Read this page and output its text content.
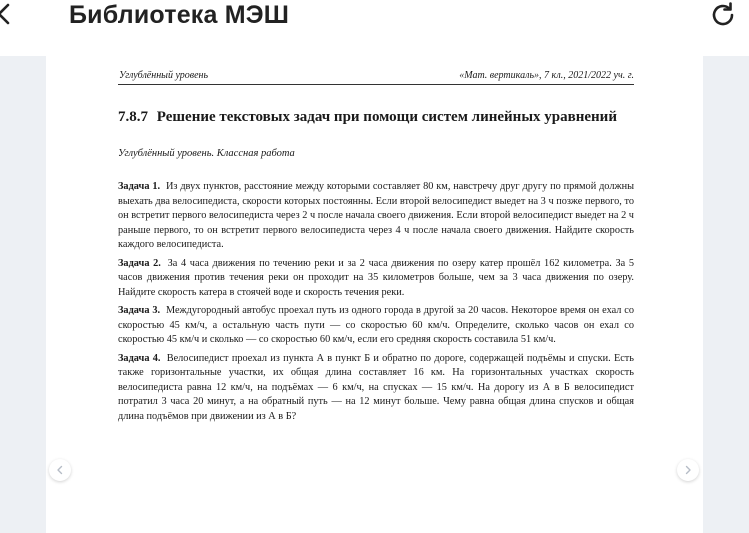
Библиотека МЭШ
Углублённый уровень	«Мат. вертикаль», 7 кл., 2021/2022 уч. г.
7.8.7 Решение текстовых задач при помощи систем линейных уравнений
Углублённый уровень. Классная работа

Задача 1. Из двух пунктов, расстояние между которыми составляет 80 км, навстречу друг другу по прямой должны выехать два велосипедиста, скорости которых постоянны. Если второй велосипедист выедет на 3 ч позже первого, то он встретит первого велосипедиста через 2 ч после начала своего движения. Если второй велосипедист выедет на 2 ч раньше первого, то он встретит первого велосипедиста через 4 ч после начала своего движения. Найдите скорость каждого велосипедиста.

Задача 2. За 4 часа движения по течению реки и за 2 часа движения по озеру катер прошёл 162 километра. За 5 часов движения против течения реки он проходит на 35 километров больше, чем за 3 часа движения по озеру. Найдите скорость катера в стоячей воде и скорость течения реки.

Задача 3. Междугородный автобус проехал путь из одного города в другой за 20 часов. Некоторое время он ехал со скоростью 45 км/ч, а остальную часть пути — со скоростью 60 км/ч. Определите, сколько часов он ехал со скоростью 45 км/ч и сколько — со скоростью 60 км/ч, если его средняя скорость составила 51 км/ч.

Задача 4. Велосипедист проехал из пункта А в пункт Б и обратно по дороге, содержащей подъёмы и спуски. Есть также горизонтальные участки, их общая длина составляет 16 км. На горизонтальных участках скорость велосипедиста равна 12 км/ч, на подъёмах — 6 км/ч, на спусках — 15 км/ч. На дорогу из А в Б велосипедист потратил 3 часа 20 минут, а на обратный путь — на 12 минут больше. Чему равна общая длина спусков и общая длина подъёмов при движении из А в Б?
